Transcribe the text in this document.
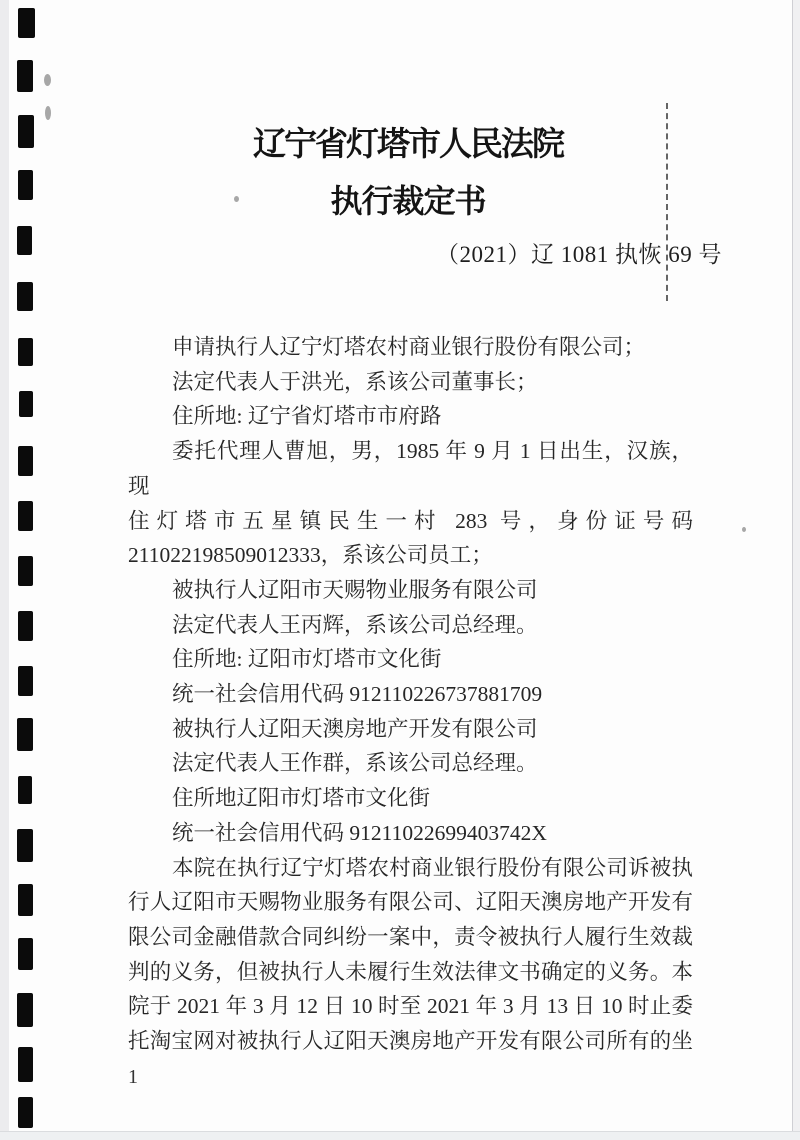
辽宁省灯塔市人民法院
执行裁定书
（2021）辽 1081 执恢 69 号
申请执行人辽宁灯塔农村商业银行股份有限公司；
法定代表人于洪光，系该公司董事长；
住所地: 辽宁省灯塔市市府路
委托代理人曹旭，男，1985 年 9 月 1 日出生，汉族，现
住灯塔市五星镇民生一村 283 号，身份证号码
211022198509012333，系该公司员工；
被执行人辽阳市天赐物业服务有限公司
法定代表人王丙辉，系该公司总经理。
住所地: 辽阳市灯塔市文化街
统一社会信用代码 912110226737881709
被执行人辽阳天澳房地产开发有限公司
法定代表人王作群，系该公司总经理。
住所地辽阳市灯塔市文化街
统一社会信用代码 91211022699403742X
本院在执行辽宁灯塔农村商业银行股份有限公司诉被执
行人辽阳市天赐物业服务有限公司、辽阳天澳房地产开发有
限公司金融借款合同纠纷一案中，责令被执行人履行生效裁
判的义务，但被执行人未履行生效法律文书确定的义务。本
院于 2021 年 3 月 12 日 10 时至 2021 年 3 月 13 日 10 时止委
托淘宝网对被执行人辽阳天澳房地产开发有限公司所有的坐
1
